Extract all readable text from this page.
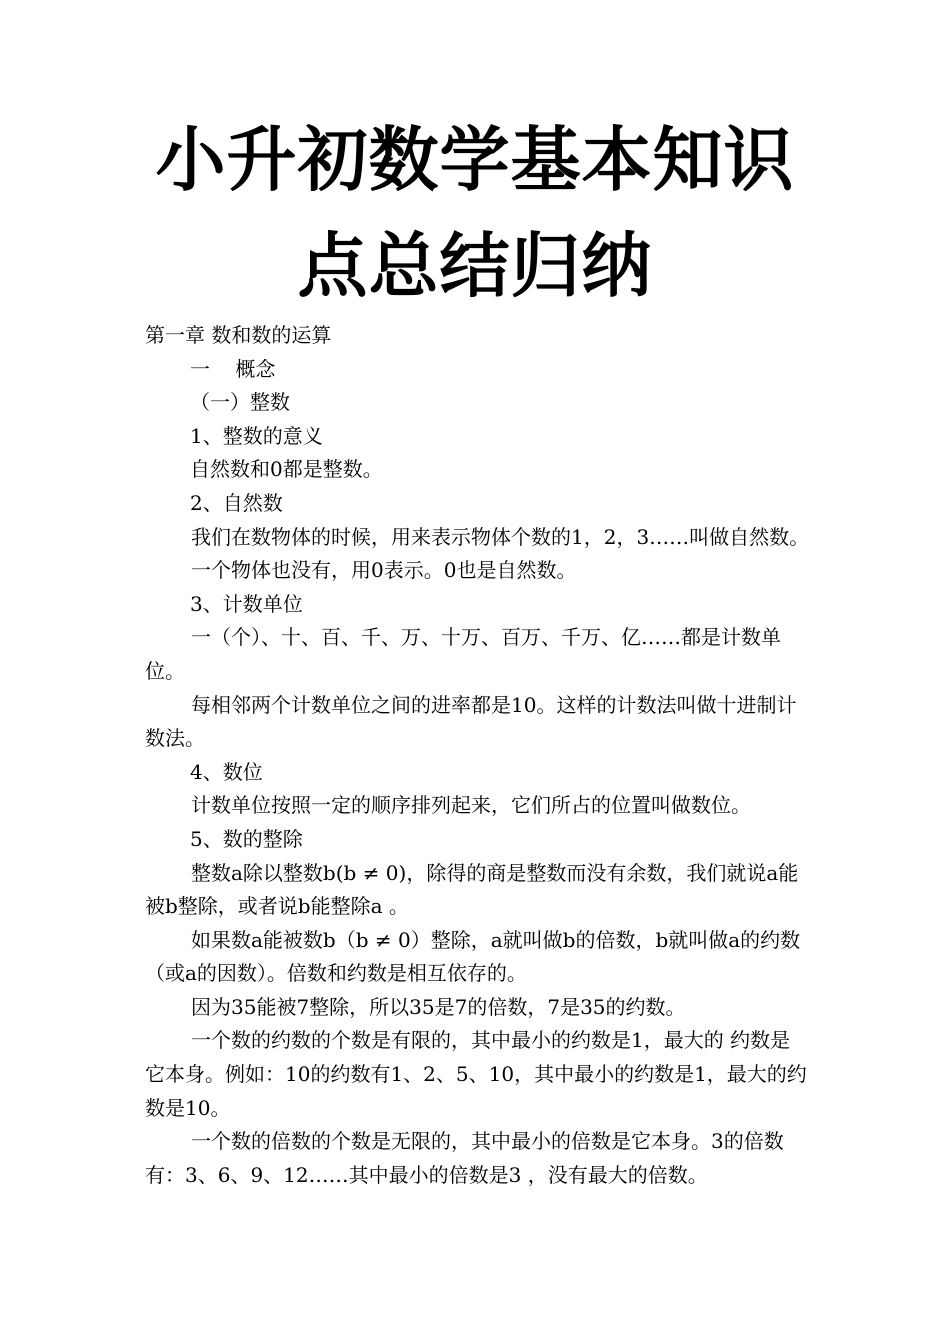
小升初数学基本知识
点总结归纳

第一章 数和数的运算

一    概念

（一）整数

1、整数的意义

自然数和0都是整数。

2、自然数

我们在数物体的时候，用来表示物体个数的1，2，3……叫做自然数。

一个物体也没有，用0表示。0也是自然数。

3、计数单位

一（个）、十、百、千、万、十万、百万、千万、亿……都是计数单位。

每相邻两个计数单位之间的进率都是10。这样的计数法叫做十进制计数法。

4、数位

计数单位按照一定的顺序排列起来，它们所占的位置叫做数位。

5、数的整除

整数a除以整数b(b ≠ 0)，除得的商是整数而没有余数，我们就说a能被b整除，或者说b能整除a 。

如果数a能被数b（b ≠ 0）整除，a就叫做b的倍数，b就叫做a的约数（或a的因数）。倍数和约数是相互依存的。

因为35能被7整除，所以35是7的倍数，7是35的约数。

一个数的约数的个数是有限的，其中最小的约数是1，最大的 约数是它本身。例如：10的约数有1、2、5、10，其中最小的约数是1，最大的约数是10。

一个数的倍数的个数是无限的，其中最小的倍数是它本身。3的倍数有：3、6、9、12……其中最小的倍数是3 ，没有最大的倍数。
